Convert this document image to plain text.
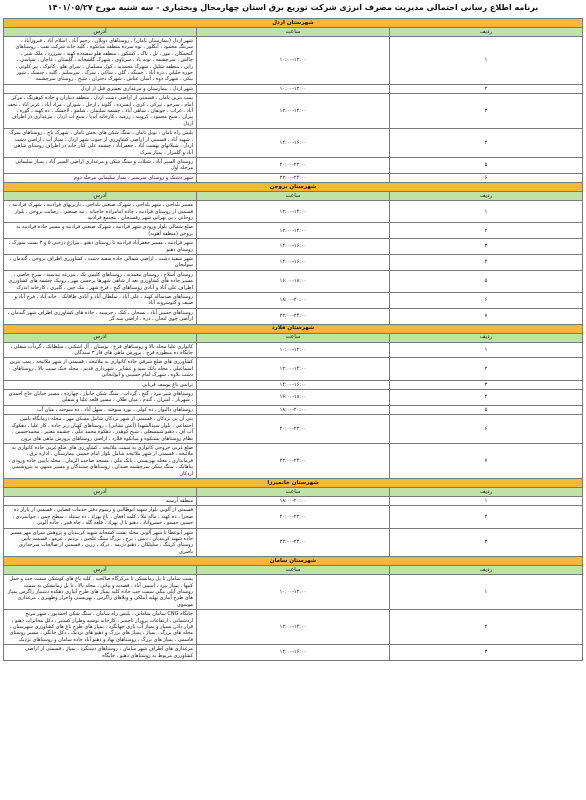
برنامه اطلاع رسانی احتمالی مدیریت مصرف انرژی شرکت توزیع برق استان چهارمحال وبختیاری - سه شنبه مورخ ۱۴۰۱/۰۵/۲۷
شهرستان اردل		
ردیف	ساعت	آدرس
۱	۱۰:۰۰-۱۲:۰۰	شهر اردل (بیمارستان تامان) ، روستاهای دوپلان ، رحیم آباد ، اسلام آباد ، فیروزآباد ، سرتنگ محمود ، آبگلور ، بوه سرده منطقه میانکوه ، کلیه خانه شرکت نفت ، روستاهای گنجمکان ، مور ، تل ، تاک ، کشکور ، منطقه هلو سفیدده کهنه ، سرزرد ، ملک شیر ، چالش ، سرچشمه ، تونه باد ، سرتاوی ، شهرک گلشخانه ، گلستان ، غاچان ، شیاسی ، زاین ، منطقه شلیل ، شهرک محمدیه ، کول مسلمان ، سرای هلو ، کانوک ، پیر کلوتی ، حوزه خلیلی ، دره آباد ، جمبگه ، گلی ، ساکی ، سرک ، سرسلیم ، گلیه ، چنسک ، شور بیکی ، شهرک دوه ، آسان عباس ، شهرک دختران ، شیخ ، روستای سرچشمه
۲	۱۰:۰۰-۱۲:۰۰	شهر اردل ، بیمارستان و مرغداری تعمیری قبل از اردل
۳	۱۲:۰۰-۱۴:۰۰	پمپ بنزین تامان ، قسمتی از اراضی دشت اردل ، منطقه دیناران و جاده کوهرنگ ، مرکز امام ، سرجو ، تیرکی ، کری ، ایسرده ، گلوند ، ارجل ، شوران ، مراد آباد ، غزیز اباد ، نجف آباد ، غراب ، جویقان ، شاهی آباد ، چشمه سلیمان ، شلمو ، لاخشک ، ده کهنه ، گوره ، پیران ، شیخ محمود ، کروییه ، رزمیه ، کارخانه آبدیا ، منبع آب اردل ، مرغداری در اطراف اردل
۴	۱۴:۰۰-۱۶:۰۰	پلیس راه تامان ، تونل تامان ، سنگ شکن های بخش تامان ، شهرک تاج ، روستاهای سرگ ، شهید آباد ، قسمتی از اراضی کشاورزی از جنوب شهر اردل ، پمپاژ آب ، اراضی دشت اردل ، شیلاتهای بهشت آباد ، جعفرآباد ، چشمه علی کنار خانه در اطراف روستای شاهی آباد و گلمزار ، پمپاژ سرک
۵	۲۰:۰۰-۲۲:۰۰	روستای السیر آباد ، شیلات و سنگ شکن و مرغداری اراضی السیر آباد ، پمپاژ سلیمانی مرحله اول
۶	۲۲:۰۰-۲۴:۰۰	شهر دشتک و روستای سرسیر ، پمپاژ سلیمانی مرحله دوم
شهرستان بروجن		
ردیف	ساعت	آدرس
۱	۱۲:۰۰-۱۴:۰۰	مسیر بلداجی ، شهر بلداجی ، شهرک صنعتی بلداجی ، باربریهای فرادنبه ، شهرک فرادنبه ، قسمتی از روستای فرادنبه ، جاده امامزاده حاجیانه ، تپه صنعتی ، رضایت بروجن ، بلوار روحانی ، بی تهرانی شهر رفسنجان ، مجتمع فرادنبه
۲	۱۲:۰۰-۱۴:۰۰	ضلع شمالی بلوار ورودی شهر فرادنبه ، شهرک صنعتی فرادنبه و مسیر جاده فرادنبه به بروجن (منطقه آهویه)
۳	۱۴:۰۰-۱۶:۰۰	شهر فرادنبه ، مسیر جعفرآباد فرادنبه تا روستای دهنو ، مزارع درختی ۵ و ۳ بست سورک ، روستای دهنو
۴	۱۴:۰۰-۱۶:۰۰	شهر سفید دشت ، اراضی شمالی جاده سفید دشت ، کشاورزی اطراف بروجن ، گندمان ، سولیجان
۵	۱۶:۰۰-۱۸:۰۰	روستای آسلاخ ، روستای معمدیه ، روستاهای کلیمی بک ، مزرعه نیدسند ، سرخ خاصی ، مسیر جاده های کشاورزی بعد از شاهی شهرها پرحسن مهر ، رونیک چشمه های کشاورزی اطراف علی آباد و آبادی روستاهای گنج ، فرخ شهر ، نیک چین ، گلپری ، کارخانه اندرک
۶	۱۸:۰۰-۲۰:۰۰	روستاهای صدساله کهنه ، علی آباد ، سلطان آباد و آبادی طاقانک ، خانه آباد ، فرح آباد و صیف و گنوشرونه آباد
۷	۲۲:۰۰-۲۴:۰۰	روستاهای حسین آباد ، نسجان ، کنک ، چرمینه ، جاده های کشاورزی اطراف شهر گندمان ، اراضی چوی لنجان ، دره ، اراضی سه گز
شهرستان فلارد		
ردیف	ساعت	آدرس
۱	۱۰:۰۰-۱۲:۰۰	کانواری علیا محله بالا و روستاهای فرخ ، بوستان ، آل اشکنی ، سلطانک ، گردآب سفلی ، جایگاه ده منطوره فرخ ، پرورش ماهی های فاز ۳ سندگان
۲	۱۲:۰۰-۱۴:۰۰	کشاورزی های ضلع شرقی جاده کانواری به ملائیخه ، قسمتی از شهر ملائیخه ، پمپ بنزین اسماعیلی ، محله بانک سپه و عشایر ، شهرداری قدیم ، محله خنک سیت بالا ، روستاهای دشت بلاوه ، شهرک امام حسینی و ایوانجاتی
۳	۱۴:۰۰-۱۶:۰۰	ترانس باغ یوسف قربانی
۴	۱۶:۰۰-۱۸:۰۰	روستاهای شیر مرد ، گنج ، گرداب ، سنگ شکن جانباز ، چهارده ، مسیر خیابان حاج احمدی ، شهرباز ، امیران ، گندم ، میان طلان ، مسیر قلعه علیا و سفلی
۵	۱۸:۰۰-۲۰:۰۰	روستاهای دالبوار ، ده کولی ، بورد سوخته ، سهل آباد ، ده سوخته ، میان آب
۶	۲۰:۰۰-۲۲:۰۰	بنی آن پی تردکان ، قسمتی از شهر تردکان شامل مسکن مهر ، محله درمانگاه تامین اجتماعی ، بلوار سیدالشهدا (آتش نشانی) ، روستاهای کهیان زیر جاده ، کار علیا ، دهکوک آب اف ، دهنو شمسعلی ، شیخ کوهدر ، دهکوه محمد علی ، چشمه معتبر ، محمدحسین ، نظام روستاهای پشتکوه و میانکوه فلارد ، اراضی روستاهای پرورش ماهی های برون
۷	۲۲:۰۰-۲۴:۰۰	ضلع غربی خروجی کانواری به سمت ملائیخه ، کشاورزی های ضلع غربی جاده کانواری به ملائیخه ، قسمتی از شهر ملائیخه شامل بلوار امام خمینی بیمارستان ، اداره برق ، فرمانداری ، محله بهزیستی ، بانک ملی ، مسجد صاحب الزمان ، محله پاییین جاده ورودی ، بیاهانک ، سنگ شکن سرچشمه صیدان ، روستاهای سنندگان و مسیر منتهی به پتروشیمی اردکان
شهرستان خانمیرزا		
ردیف	ساعت	آدرس
۱	۱۸:۰۰-۲۰:۰۰	منطقه آرسند
۲	۲۰:۰۰-۲۲:۰۰	قسمتی از آلونی بلوار شهید ابوطالبی و رسوم دفتر خدمات قضایی ، قسمتی از بازار ده صحرا ، ده کهنه ، ماله ملا ، کلمه افغان ، باغ بهراد ، ده ستیله ، سطح چمن ، جوانمردی ، حسین حسنو ، خسروآباد ، دهنو یا ل بهراد ، قلعه گله ، چاه قنبر ، جاده آلونی
۳	۲۲:۰۰-۲۴:۰۰	شهر ابوعطا تا شهر آلونی محله پشت کشخانه شهید کربندیان و پژوهش سرای مهر مسیر جاده شهید کربندیان ، دیش ، برج ، بزرگ سنگ غلجین ، بردیم ، عزمو ، قسمت پایین روستای کرتنگ ، سلیلکان ، دهنو دریمه ، درگه ، زرین ، قسمتی از صالحات سرخداری باصری
شهرستان سامان		
ردیف	ساعت	آدرس
۱	۱۰:۰۰-۱۲:۰۰	پست سامان تا پل زمانشکن تا مرکزگاه صالحیه ، کلیه باغ های کوشکی سمت جپ و حمل کتیها ، پمپاژ بیرد ، آسمی آباد ، قصدیه و نباتی ، محله بالا ، تا پل زمانشکن به سمت روستای آبلی بیگی سمت جپ جاده کلیه پمپاژ های طرح آبیاری دهکده دشتیار زاگرس پمپاژ های طرح آبیاری پهلیه آبیلکی و ویلاهای زاگرس ، بهزیستی واحرار وظهیری ، مرغداری موسوی
۲	۱۲:۰۰-۱۴:۰۰	جایگاه CNG سامان سامانی ، پلیس راه سامان ، سنگ شکن احمدپور ، شهر مرنج اردشماتی ، ارتفاعات پروراز تاجمتر ، کارخانه نوشبه وطراز کستیر ، دکل مخابرات دهنو ، قرار دادن بسیار و پمپاژ آب باری جهانگرد ، پمپاژ های طرح باغ های کشاورزی شهرستان ، محله های بزرگ ، پمپاژ ، پمپاژ های بزرگ و دهنو های نزدیک ، دکل خانگی ، مسیر روستای قاسمی ، پمپاژ های بزرگ ، روستاهای نهاد و دهنو آباد جاده سامان و روستاهای نزدیک
۳	۱۴:۰۰-۱۶:۰۰	مرغداری های اطراف شهر سامان ، روستاهای دستگرد ، پمپاژ ، قسمتی از اراضی کشاورزی مربوط به روستاهای دهنو ، جایگاه
